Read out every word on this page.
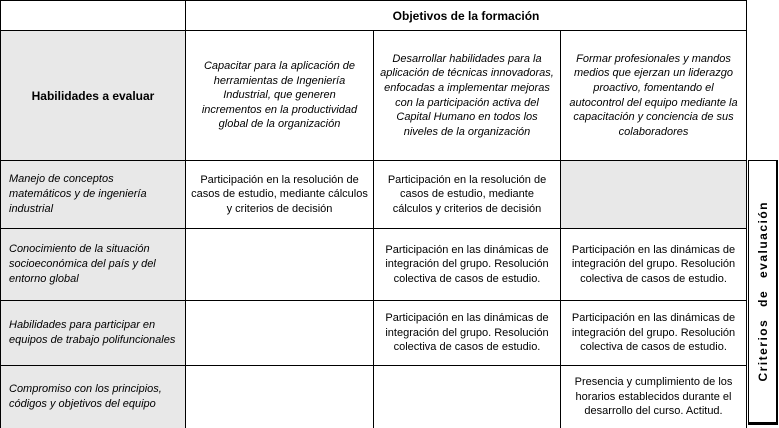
	Objetivos de la formación		
Habilidades a evaluar	Capacitar para la aplicación de herramientas de Ingeniería Industrial, que generen incrementos en la productividad global de la organización	Desarrollar habilidades para la aplicación de técnicas innovadoras, enfocadas a implementar mejoras con la participación activa del Capital Humano en todos los niveles de la organización	Formar profesionales y mandos medios que ejerzan un liderazgo proactivo, fomentando el autocontrol del equipo mediante la capacitación y conciencia de sus colaboradores
Manejo de conceptos matemáticos y de ingeniería industrial	Participación en la resolución de casos de estudio, mediante cálculos y criterios de decisión	Participación en la resolución de casos de estudio, mediante cálculos y criterios de decisión	
Conocimiento de la situación socioeconómica del país y del entorno global		Participación en las dinámicas de integración del grupo. Resolución colectiva de casos de estudio.	Participación en las dinámicas de integración del grupo. Resolución colectiva de casos de estudio.
Habilidades para participar en equipos de trabajo polifuncionales		Participación en las dinámicas de integración del grupo. Resolución colectiva de casos de estudio.	Participación en las dinámicas de integración del grupo. Resolución colectiva de casos de estudio.
Compromiso con los principios, códigos y objetivos del equipo			Presencia y cumplimiento de los horarios establecidos durante el desarrollo del curso. Actitud.
Criterios de evaluación
